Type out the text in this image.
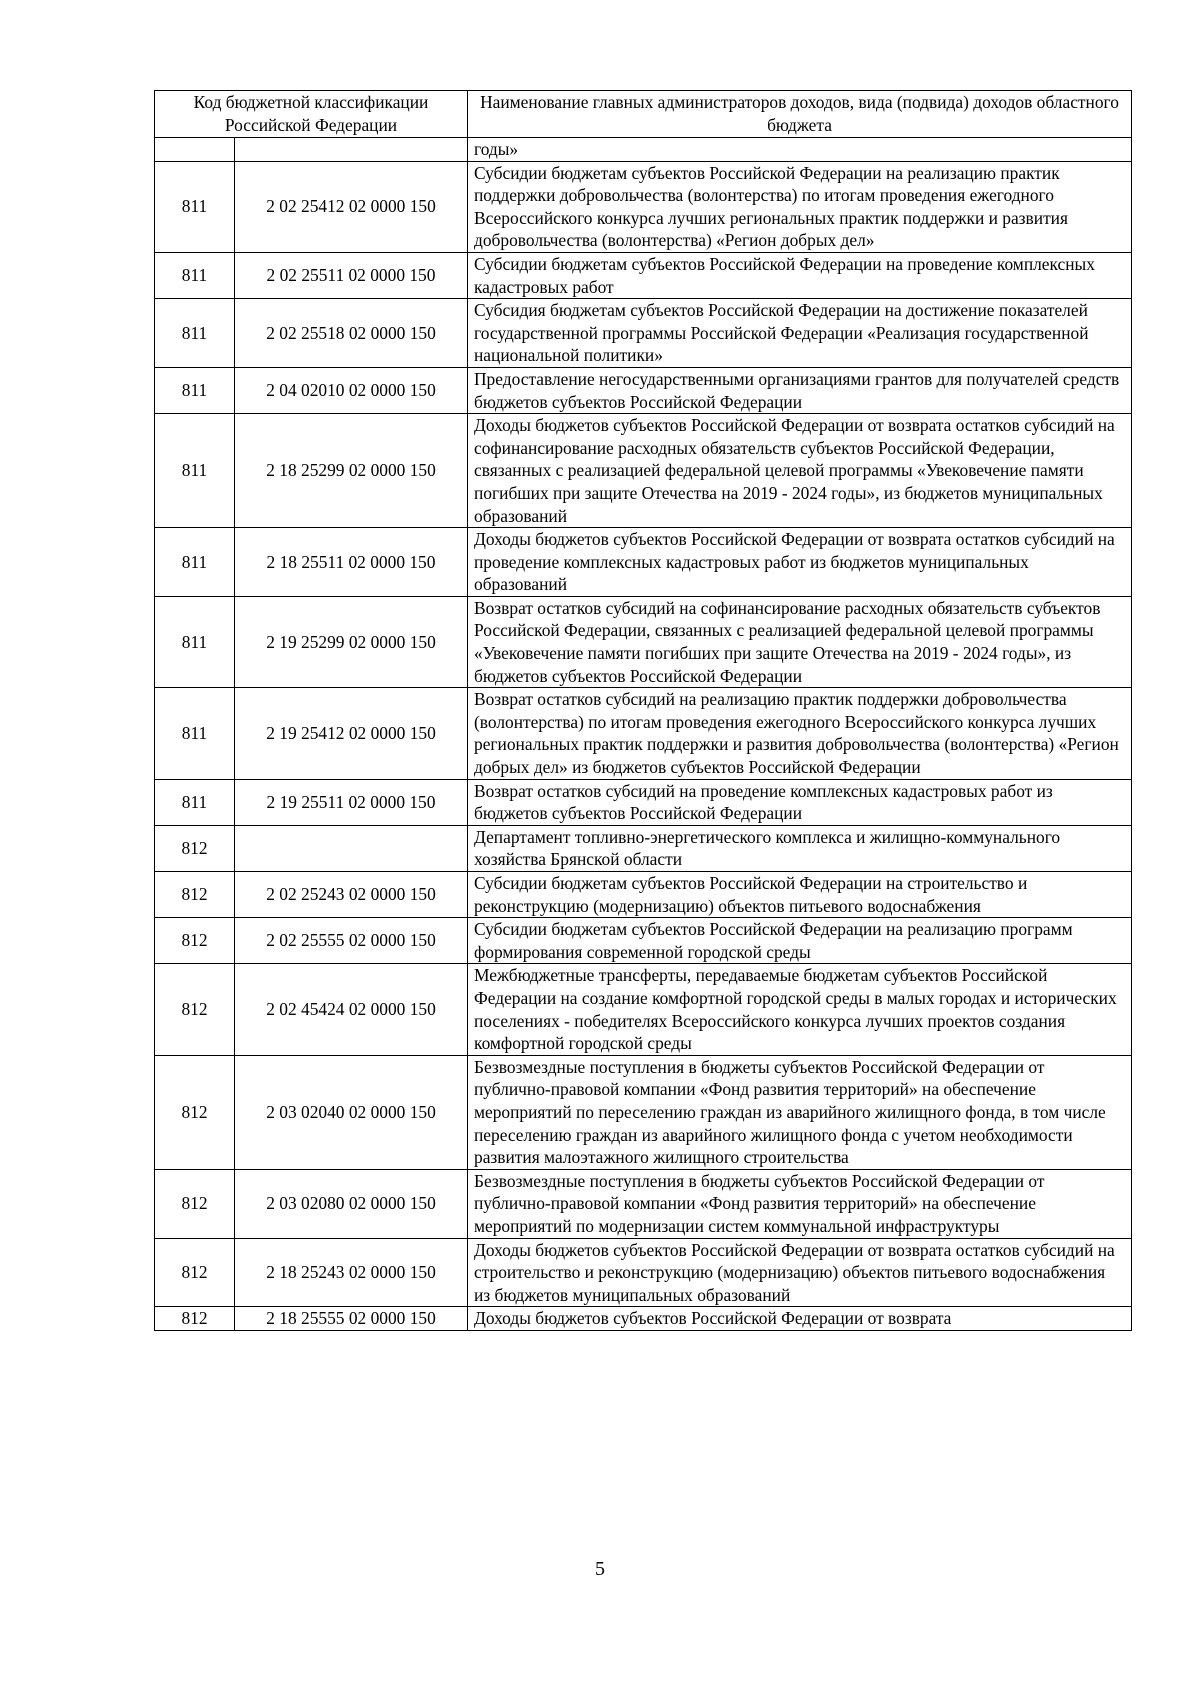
Код бюджетной классификации Российской Федерации		Наименование главных администраторов доходов, вида (подвида) доходов областного бюджета
		годы»
811	2 02 25412 02 0000 150	Субсидии бюджетам субъектов Российской Федерации на реализацию практик поддержки добровольчества (волонтерства) по итогам проведения ежегодного Всероссийского конкурса лучших региональных практик поддержки и развития добровольчества (волонтерства) «Регион добрых дел»
811	2 02 25511 02 0000 150	Субсидии бюджетам субъектов Российской Федерации на проведение комплексных кадастровых работ
811	2 02 25518 02 0000 150	Субсидия бюджетам субъектов Российской Федерации на достижение показателей государственной программы Российской Федерации «Реализация государственной национальной политики»
811	2 04 02010 02 0000 150	Предоставление негосударственными организациями грантов для получателей средств бюджетов субъектов Российской Федерации
811	2 18 25299 02 0000 150	Доходы бюджетов субъектов Российской Федерации от возврата остатков субсидий на софинансирование расходных обязательств субъектов Российской Федерации, связанных с реализацией федеральной целевой программы «Увековечение памяти погибших при защите Отечества на 2019 - 2024 годы», из бюджетов муниципальных образований
811	2 18 25511 02 0000 150	Доходы бюджетов субъектов Российской Федерации от возврата остатков субсидий на проведение комплексных кадастровых работ из бюджетов муниципальных образований
811	2 19 25299 02 0000 150	Возврат остатков субсидий на софинансирование расходных обязательств субъектов Российской Федерации, связанных с реализацией федеральной целевой программы «Увековечение памяти погибших при защите Отечества на 2019 - 2024 годы», из бюджетов субъектов Российской Федерации
811	2 19 25412 02 0000 150	Возврат остатков субсидий на реализацию практик поддержки добровольчества (волонтерства) по итогам проведения ежегодного Всероссийского конкурса лучших региональных практик поддержки и развития добровольчества (волонтерства) «Регион добрых дел» из бюджетов субъектов Российской Федерации
811	2 19 25511 02 0000 150	Возврат остатков субсидий на проведение комплексных кадастровых работ из бюджетов субъектов Российской Федерации
812		Департамент топливно-энергетического комплекса и жилищно-коммунального хозяйства Брянской области
812	2 02 25243 02 0000 150	Субсидии бюджетам субъектов Российской Федерации на строительство и реконструкцию (модернизацию) объектов питьевого водоснабжения
812	2 02 25555 02 0000 150	Субсидии бюджетам субъектов Российской Федерации на реализацию программ формирования современной городской среды
812	2 02 45424 02 0000 150	Межбюджетные трансферты, передаваемые бюджетам субъектов Российской Федерации на создание комфортной городской среды в малых городах и исторических поселениях - победителях Всероссийского конкурса лучших проектов создания комфортной городской среды
812	2 03 02040 02 0000 150	Безвозмездные поступления в бюджеты субъектов Российской Федерации от публично-правовой компании «Фонд развития территорий» на обеспечение мероприятий по переселению граждан из аварийного жилищного фонда, в том числе переселению граждан из аварийного жилищного фонда с учетом необходимости развития малоэтажного жилищного строительства
812	2 03 02080 02 0000 150	Безвозмездные поступления в бюджеты субъектов Российской Федерации от публично-правовой компании «Фонд развития территорий» на обеспечение мероприятий по модернизации систем коммунальной инфраструктуры
812	2 18 25243 02 0000 150	Доходы бюджетов субъектов Российской Федерации от возврата остатков субсидий на строительство и реконструкцию (модернизацию) объектов питьевого водоснабжения из бюджетов муниципальных образований
812	2 18 25555 02 0000 150	Доходы бюджетов субъектов Российской Федерации от возврата
5
